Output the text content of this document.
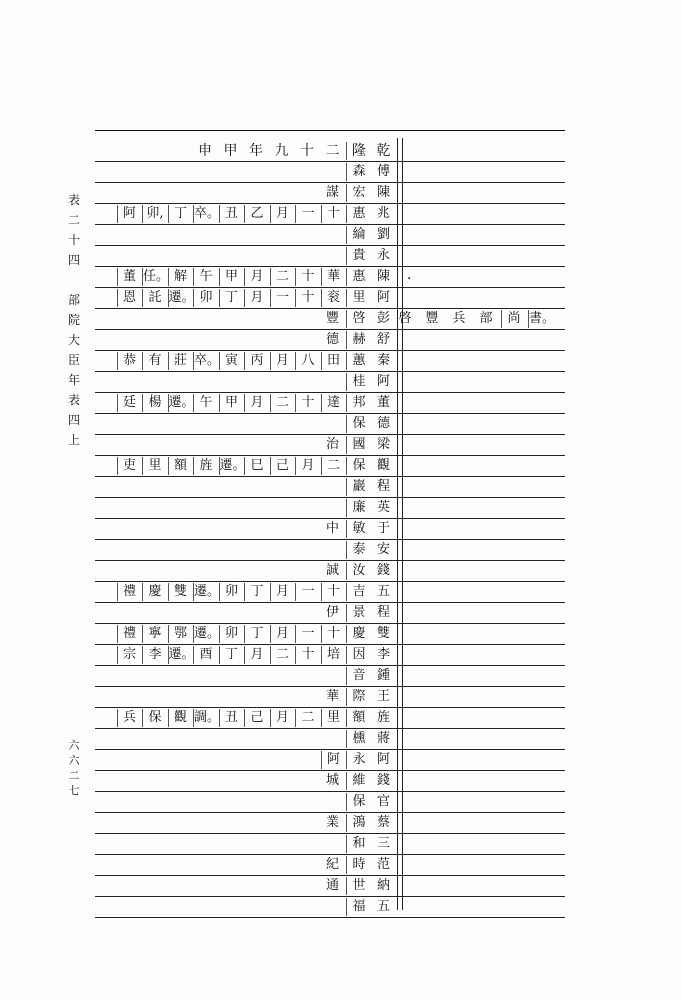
表
二
十
四

部
院
大
臣
年
表
四
上
六
六
二
七
乾
隆
二
十
九
年
甲
申
傅
森
陳
宏
謀
兆
惠
十
一
月
乙
丑
卒。
丁
卯,
阿
劉
綸
永
貴
陳
惠
華
十
二
月
甲
午
解
任。
董
阿
里
衮
十
一
月
丁
卯
遷。
託
恩
彭
啓
豐
舒
赫
德
秦
蕙
田
八
月
丙
寅
卒。
莊
有
恭
阿
桂
董
邦
達
十
二
月
甲
午
遷。
楊
廷
德
保
梁
國
治
觀
保
二
月
己
巳
遷。
旌
額
里
吏
程
巖
英
廉
于
敏
中
安
泰
錢
汝
誠
五
吉
十
一
月
丁
卯
遷。
雙
慶
禮
程
景
伊
雙
慶
十
一
月
丁
卯
遷。
鄂
寧
禮
李
因
培
十
二
月
丁
酉
遷。
李
宗
鍾
音
王
際
華
旌
額
里
二
月
己
丑
調。
觀
保
兵
蔣
櫄
阿
永
阿
錢
維
城
官
保
蔡
鴻
業
三
和
范
時
紀
納
世
通
五
福
書。
尚
部
兵
豐
啓
.
